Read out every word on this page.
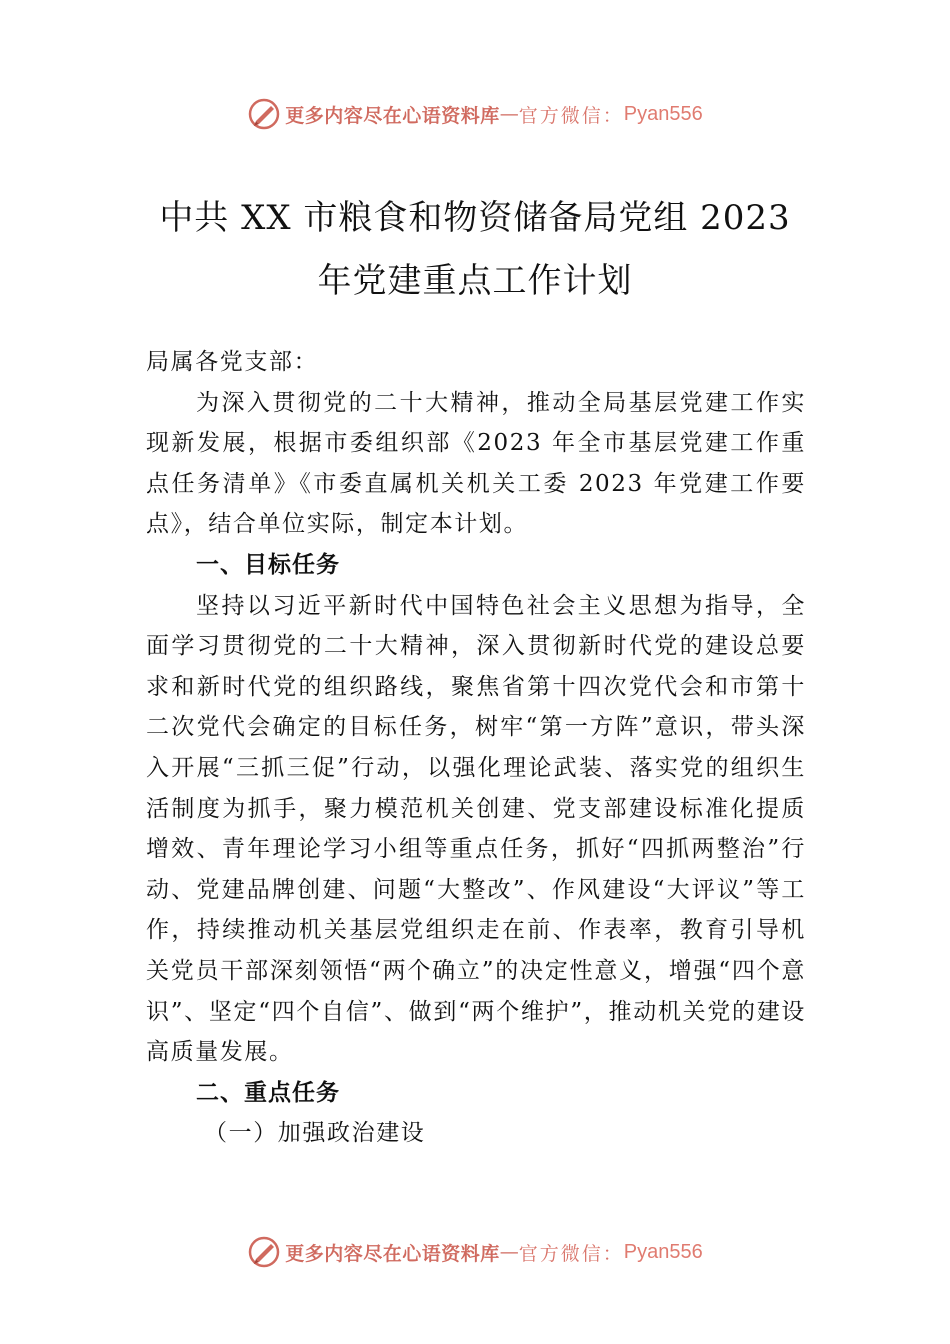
更多内容尽在心语资料库 — 官方微信： Pyan556
中共 XX 市粮食和物资储备局党组 2023
年党建重点工作计划

局属各党支部：

为深入贯彻党的二十大精神，推动全局基层党建工作实现新发展，根据市委组织部《2023 年全市基层党建工作重点任务清单》《市委直属机关机关工委 2023 年党建工作要点》，结合单位实际，制定本计划。

一、目标任务

坚持以习近平新时代中国特色社会主义思想为指导，全面学习贯彻党的二十大精神，深入贯彻新时代党的建设总要求和新时代党的组织路线，聚焦省第十四次党代会和市第十二次党代会确定的目标任务，树牢“第一方阵”意识，带头深入开展“三抓三促”行动，以强化理论武装、落实党的组织生活制度为抓手，聚力模范机关创建、党支部建设标准化提质增效、青年理论学习小组等重点任务，抓好“四抓两整治”行动、党建品牌创建、问题“大整改”、作风建设“大评议”等工作，持续推动机关基层党组织走在前、作表率，教育引导机关党员干部深刻领悟“两个确立”的决定性意义，增强“四个意识”、坚定“四个自信”、做到“两个维护”，推动机关党的建设高质量发展。

二、重点任务

（一）加强政治建设

更多内容尽在心语资料库 — 官方微信： Pyan556
